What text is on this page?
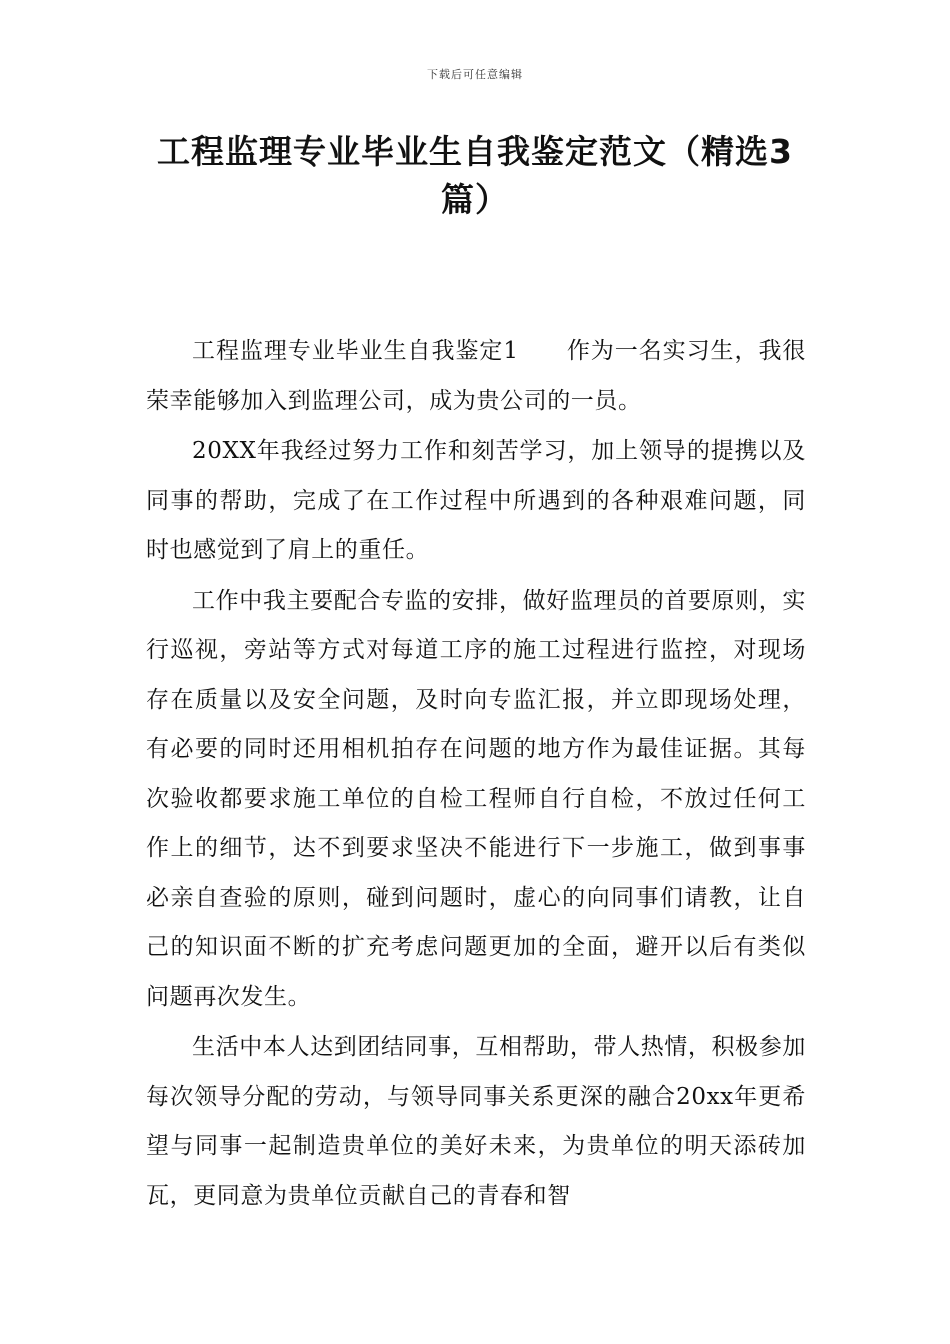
下载后可任意编辑
工程监理专业毕业生自我鉴定范文（精选3篇）

工程监理专业毕业生自我鉴定1　　作为一名实习生，我很荣幸能够加入到监理公司，成为贵公司的一员。

20XX年我经过努力工作和刻苦学习，加上领导的提携以及同事的帮助，完成了在工作过程中所遇到的各种艰难问题，同时也感觉到了肩上的重任。

工作中我主要配合专监的安排，做好监理员的首要原则，实行巡视，旁站等方式对每道工序的施工过程进行监控，对现场存在质量以及安全问题，及时向专监汇报，并立即现场处理，有必要的同时还用相机拍存在问题的地方作为最佳证据。其每次验收都要求施工单位的自检工程师自行自检，不放过任何工作上的细节，达不到要求坚决不能进行下一步施工，做到事事必亲自查验的原则，碰到问题时，虚心的向同事们请教，让自己的知识面不断的扩充考虑问题更加的全面，避开以后有类似问题再次发生。

生活中本人达到团结同事，互相帮助，带人热情，积极参加每次领导分配的劳动，与领导同事关系更深的融合20xx年更希望与同事一起制造贵单位的美好未来，为贵单位的明天添砖加瓦，更同意为贵单位贡献自己的青春和智
